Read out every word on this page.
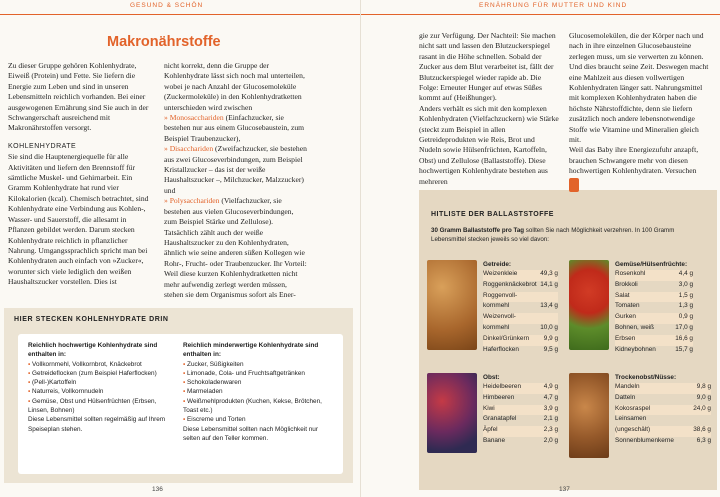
GESUND & SCHÖN
Makronährstoffe

Zu dieser Gruppe gehören Kohlenhydrate, Eiweiß (Protein) und Fette. Sie liefern die Energie zum Leben und sind in unseren Lebensmitteln reichlich vorhanden. Bei einer ausgewogenen Ernährung sind Sie auch in der Schwangerschaft ausreichend mit Makronährstoffen versorgt.

KOHLENHYDRATE

Sie sind die Hauptenergiequelle für alle Aktivitäten und liefern den Brennstoff für sämtliche Muskel- und Gehirnarbeit. Ein Gramm Kohlenhydrate hat rund vier Kilokalorien (kcal). Chemisch betrachtet, sind Kohlenhydrate eine Verbindung aus Kohlen-, Wasser- und Sauerstoff, die allesamt in Pflanzen gebildet werden. Darum stecken Kohlenhydrate reichlich in pflanzlicher Nahrung. Umgangssprachlich spricht man bei Kohlenhydraten auch einfach von »Zucker«, worunter sich viele lediglich den weißen Haushaltszucker vorstellen. Dies ist

nicht korrekt, denn die Gruppe der Kohlenhydrate lässt sich noch mal unterteilen, wobei je nach Anzahl der Glucosemoleküle (Zuckermoleküle) in den Kohlenhydratketten unterschieden wird zwischen

» Monosacchariden (Einfachzucker, sie bestehen nur aus einem Glucosebaustein, zum Beispiel Traubenzucker),

» Disacchariden (Zweifachzucker, sie bestehen aus zwei Glucoseverbindungen, zum Beispiel Kristallzucker – das ist der weiße Haushaltszucker –, Milchzucker, Malzzucker) und

» Polysacchariden (Vielfachzucker, sie bestehen aus vielen Glucoseverbindungen, zum Beispiel Stärke und Zellulose).

Tatsächlich zählt auch der weiße Haushaltszucker zu den Kohlenhydraten, ähnlich wie seine anderen süßen Kollegen wie Rohr-, Frucht- oder Traubenzucker. Ihr Vorteil: Weil diese kurzen Kohlenhydratketten nicht mehr aufwendig zerlegt werden müssen, stehen sie dem Organismus sofort als Ener-

HIER STECKEN KOHLENHYDRATE DRIN
Reichlich hochwertige Kohlenhydrate sind enthalten in:
▪ Vollkornmehl, Vollkornbrot, Knäckebrot
▪ Getreideflocken (zum Beispiel Haferflocken)
▪ (Pell-)Kartoffeln
▪ Naturreis, Vollkornnudeln
▪ Gemüse, Obst und Hülsenfrüchten (Erbsen, Linsen, Bohnen)
Diese Lebensmittel sollten regelmäßig auf Ihrem Speiseplan stehen.
Reichlich minderwertige Kohlenhydrate sind enthalten in:
▪ Zucker, Süßigkeiten
▪ Limonade, Cola- und Fruchtsaftgetränken
▪ Schokoladenwaren
▪ Marmeladen
▪ Weißmehlprodukten (Kuchen, Kekse, Brötchen, Toast etc.)
▪ Eiscreme und Torten
Diese Lebensmittel sollten nach Möglichkeit nur selten auf den Teller kommen.
136
ERNÄHRUNG FÜR MUTTER UND KIND

gie zur Verfügung. Der Nachteil: Sie machen nicht satt und lassen den Blutzuckerspiegel rasant in die Höhe schnellen. Sobald der Zucker aus dem Blut verarbeitet ist, fällt der Blutzuckerspiegel wieder rapide ab. Die Folge: Erneuter Hunger auf etwas Süßes kommt auf (Heißhunger).

Anders verhält es sich mit den komplexen Kohlenhydraten (Vielfachzuckern) wie Stärke (steckt zum Beispiel in allen Getreideprodukten wie Reis, Brot und Nudeln sowie Hülsenfrüchten, Kartoffeln, Obst) und Zellulose (Ballaststoffe). Diese hochwertigen Kohlenhydrate bestehen aus mehreren

Glucosemolekülen, die der Körper nach und nach in ihre einzelnen Glucosebausteine zerlegen muss, um sie verwerten zu können. Und dies braucht seine Zeit. Deswegen macht eine Mahlzeit aus diesen vollwertigen Kohlenhydraten länger satt. Nahrungsmittel mit komplexen Kohlenhydraten haben die höchste Nährstoffdichte, denn sie liefern zusätzlich noch andere lebensnotwendige Stoffe wie Vitamine und Mineralien gleich mit.

Weil das Baby ihre Energiezufuhr anzapft, brauchen Schwangere mehr von diesen hochwertigen Kohlenhydraten. Versuchen

HITLISTE DER BALLASTSTOFFE
30 Gramm Ballaststoffe pro Tag sollten Sie nach Möglichkeit verzehren. In 100 Gramm Lebensmittel stecken jeweils so viel davon:
Getreide:
Weizenkleie	49,3 g
Roggenknäckebrot 14,1 g
Roggenvoll-
kornmehl	13,4 g
Weizenvoll-
kornmehl	10,0 g
Dinkel/Grünkern 9,9 g
Haferflocken	9,5 g
Gemüse/Hülsenfrüchte:
Rosenkohl	4,4 g
Brokkoli	3,0 g
Salat	1,5 g
Tomaten	1,3 g
Gurken	0,9 g
Bohnen, weiß	17,0 g
Erbsen	16,6 g
Kidneybohnen	15,7 g
Obst:
Heidelbeeren	4,9 g
Himbeeren	4,7 g
Kiwi	3,9 g
Granatapfel	2,1 g
Äpfel	2,3 g
Banane	2,0 g
Trockenobst/Nüsse:
Mandeln	9,8 g
Datteln	9,0 g
Kokosraspel	24,0 g
Leinsamen
(ungeschält)	38,6 g
Sonnenblumenkerne	6,3 g
137
